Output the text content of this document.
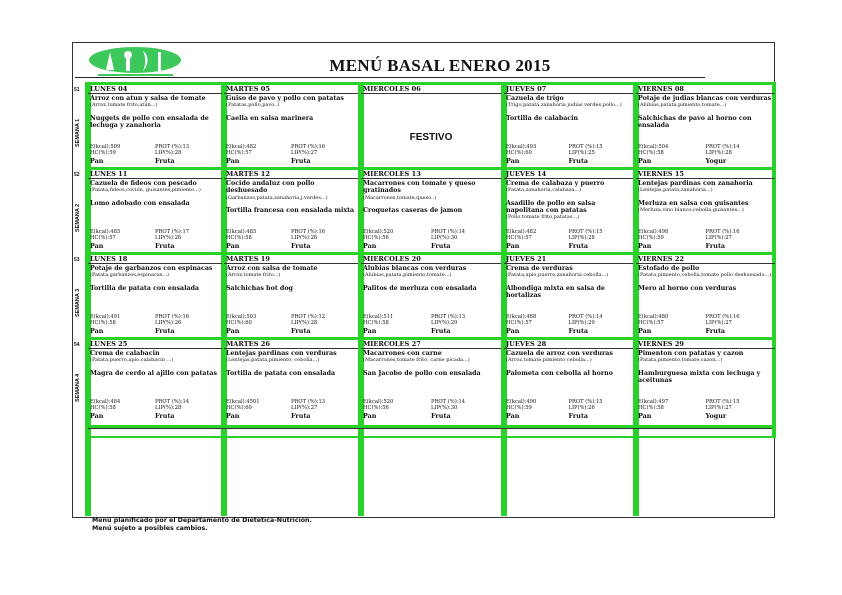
MENÚ BASAL ENERO 2015
51
SEMANA 1
LUNES 04
Arroz con atun y salsa de tomate
(Arroz,tomate frito,atún...)
Nuggets de pollo con ensalada de lechuga y zanahoria
E(kcal):509	PROT (%):13
HC(%):59	LIP(%):28
Pan	Fruta
MARTES 05
Guiso de pavo y pollo con patatas
(Patatas,pollo,pavo..)
Caella en salsa marinera
E(kcal):482	PROT (%):16
HC(%):57	LIP(%):27
Pan	Fruta
MIERCOLES 06
FESTIVO
JUEVES 07
Cazuela de trigo
(Trigo,patata,zanahoria judias verdes,pollo...)
Tortilla de calabacin
E(kcal):493	PROT (%):15
HC(%):60	LIP(%):25
Pan	Fruta
VIERNES 08
Potaje de judias blancas con verduras
(Alubias,patata,pimiento,tomate...)
Salchichas de pavo al horno con ensalada
E(kcal):504	PROT (%):14
HC(%):58	LIP(%):28
Pan	Yogur
52
SEMANA 2
LUNES 11
Cazuela de fideos con pescado
(Patata,fideos,coción, guisantes,pimiento...)
Lomo adobado con ensalada
E(kcal):485	PROT (%):17
HC(%):57	LIP(%):26
Pan	Fruta
MARTES 12
Cocido andaluz con pollo deshuesado
(Garbanzos,patata,zanahoria,j.verdes...)
Tortilla francesa con ensalada mixta
E(kcal):485	PROT (%):16
HC(%):58	LIP(%):26
Pan	Fruta
MIERCOLES 13
Macarrones con tomate y queso gratinados
(Macarrones,tomate,queso..)
Croquetas caseras de jamon
E(kcal):520	PROT (%):14
HC(%):56	LIP(%):30
Pan	Fruta
JUEVES 14
Crema de calabaza y puerro
(Patata,zanahoria,calabaza...)
Asadillo de pollo en salsa napolitana con patatas
(Pollo,tomate frito,patatas...)
E(kcal):482	PROT (%):15
HC(%):57	LIP(%):28
Pan	Fruta
VIERNES 15
Lentejas pardinas con zanahoria
(Lentejas,patata,zanahoria...)
Merluza en salsa con guisantes
(Merluza,vino blanco,cebolla,guisantes...)
E(kcal):498	PROT (%):16
HC(%):59	LIP(%):27
Pan	Fruta
53
SEMANA 3
LUNES 18
Potaje de garbanzos con espinacas
(Patata,garbanzos,espinacas...)
Tortilla de patata con ensalada
E(kcal):491	PROT (%):16
HC(%):58	LIP(%):26
Pan	Fruta
MARTES 19
Arroz con salsa de tomate
(Arroz,tomate frito...)
Salchichas hot dog
E(kcal):503	PROT (%):12
HC(%):60	LIP(%):28
Pan	Fruta
MIERCOLES 20
Alubias blancas con verduras
(Alubias,patata,pimiento,tomate...)
Palitos de merluza con ensalada
E(kcal):511	PROT (%):13
HC(%):58	LIP(%):29
Pan	Fruta
JUEVES 21
Crema de verduras
(Patata,apio,puerro,zanahoria cebolla...)
Albondiga mixta en salsa de hortalizas
E(kcal):488	PROT (%):14
HC(%):57	LIP(%):29
Pan	Fruta
VIERNES 22
Estofado de pollo
(Patata,pimiento,cebolla,tomate pollo deshuesado...)
Mero al horno con verduras
E(kcal):480	PROT (%):16
HC(%):57	LIP(%):27
Pan	Fruta
54
SEMANA 4
LUNES 25
Crema de calabacin
(Patata,puerro,apio,calabacin ...)
Magra de cerdo al ajillo con patatas
E(kcal):484	PROT (%):14
HC(%):58	LIP(%):28
Pan	Fruta
MARTES 26
Lentejas pardinas con verduras
(Lentejas,patata,pimiento, cebolla...)
Tortilla de patata con ensalada
E(kcal):4501	PROT (%):13
HC(%):60	LIP(%):27
Pan	Fruta
MIERCOLES 27
Macarrones con carne
(Macarrones,tomate frito, carne picada...)
San Jacobo de pollo con ensalada
E(kcal):520	PROT (%):14
HC(%):56	LIP(%):30
Pan	Fruta
JUEVES 28
Cazuela de arroz con verduras
(Arroz,tomate,pimiento cebolla...)
Palometa con cebolla al horno
E(kcal):490	PROT (%):15
HC(%):59	LIP(%):26
Pan	Fruta
VIERNES 29
Pimenton con patatas y cazon
(Patata,pimiento,tomate,cazon...)
Hamburguesa mixta con lechuga y aceitunas
E(kcal):497	PROT (%):15
HC(%):58	LIP(%):27
Pan	Yogur
Menú planificado por el Departamento de Dietetica-Nutrición.
Menú sujeto a posibles cambios.
